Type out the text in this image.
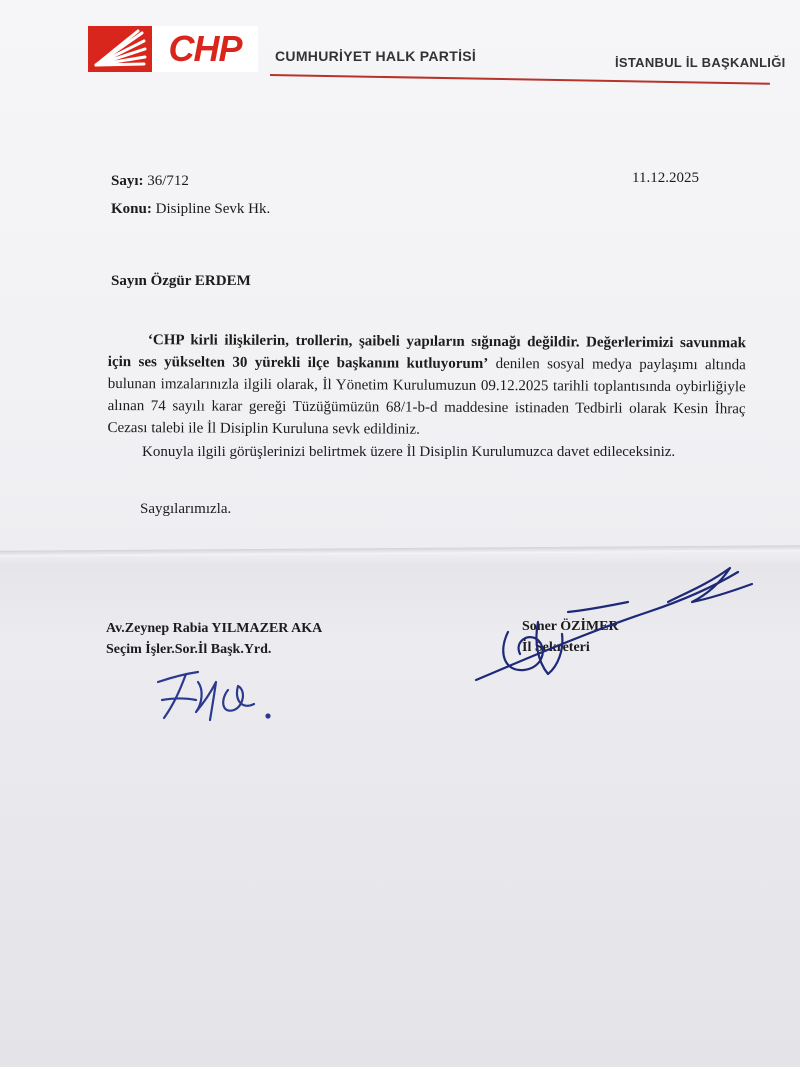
CHP	CUMHURİYET HALK PARTİSİ	İSTANBUL İL BAŞKANLIĞI
Sayı: 36/712	11.12.2025
Konu: Disipline Sevk Hk.
Sayın Özgür ERDEM

‘CHP kirli ilişkilerin, trollerin, şaibeli yapıların sığınağı değildir. Değerlerimizi savunmak için ses yükselten 30 yürekli ilçe başkanını kutluyorum’ denilen sosyal medya paylaşımı altında bulunan imzalarınızla ilgili olarak, İl Yönetim Kurulumuzun 09.12.2025 tarihli toplantısında oybirliğiyle alınan 74 sayılı karar gereği Tüzüğümüzün 68/1-b-d maddesine istinaden Tedbirli olarak Kesin İhraç Cezası talebi ile İl Disiplin Kuruluna sevk edildiniz.

Konuyla ilgili görüşlerinizi belirtmek üzere İl Disiplin Kurulumuzca davet edileceksiniz.
Saygılarımızla.
Av.Zeynep Rabia YILMAZER AKA
Seçim İşler.Sor.İl Başk.Yrd.
Soner ÖZİMER
İl Sekreteri
